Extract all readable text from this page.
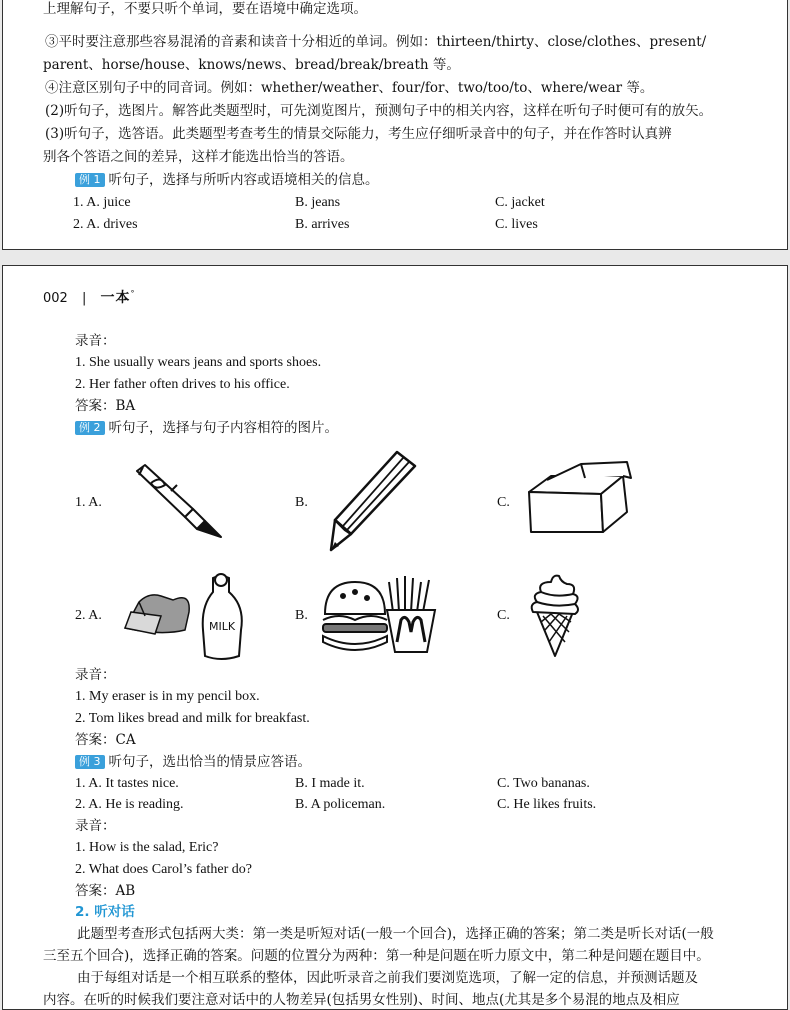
上理解句子，不要只听个单词，要在语境中确定选项。
③平时要注意那些容易混淆的音素和读音十分相近的单词。例如：thirteen/thirty、close/clothes、present/
parent、horse/house、knows/news、bread/break/breath 等。
④注意区别句子中的同音词。例如：whether/weather、four/for、two/too/to、where/wear 等。
(2)听句子，选图片。解答此类题型时，可先浏览图片，预测句子中的相关内容，这样在听句子时便可有的放矢。
(3)听句子，选答语。此类题型考查考生的情景交际能力，考生应仔细听录音中的句子，并在作答时认真辨
别各个答语之间的差异，这样才能选出恰当的答语。
例 1 听句子，选择与所听内容或语境相关的信息。
1. A. juice	B. jeans	C. jacket
2. A. drives	B. arrives	C. lives
002 | 一本°
录音：
1. She usually wears jeans and sports shoes.
2. Her father often drives to his office.
答案：BA
例 2 听句子，选择与句子内容相符的图片。
1. A.	B.	C.
2. A.	B.	C.
MILK
录音：
1. My eraser is in my pencil box.
2. Tom likes bread and milk for breakfast.
答案：CA
例 3 听句子，选出恰当的情景应答语。
1. A. It tastes nice.	B. I made it.	C. Two bananas.
2. A. He is reading.	B. A policeman.	C. He likes fruits.
录音：
1. How is the salad, Eric?
2. What does Carol’s father do?
答案：AB
2. 听对话
此题型考查形式包括两大类：第一类是听短对话(一般一个回合)，选择正确的答案；第二类是听长对话(一般
三至五个回合)，选择正确的答案。问题的位置分为两种：第一种是问题在听力原文中，第二种是问题在题目中。
由于每组对话是一个相互联系的整体，因此听录音之前我们要浏览选项，了解一定的信息，并预测话题及
内容。在听的时候我们要注意对话中的人物差异(包括男女性别)、时间、地点(尤其是多个易混的地点及相应
